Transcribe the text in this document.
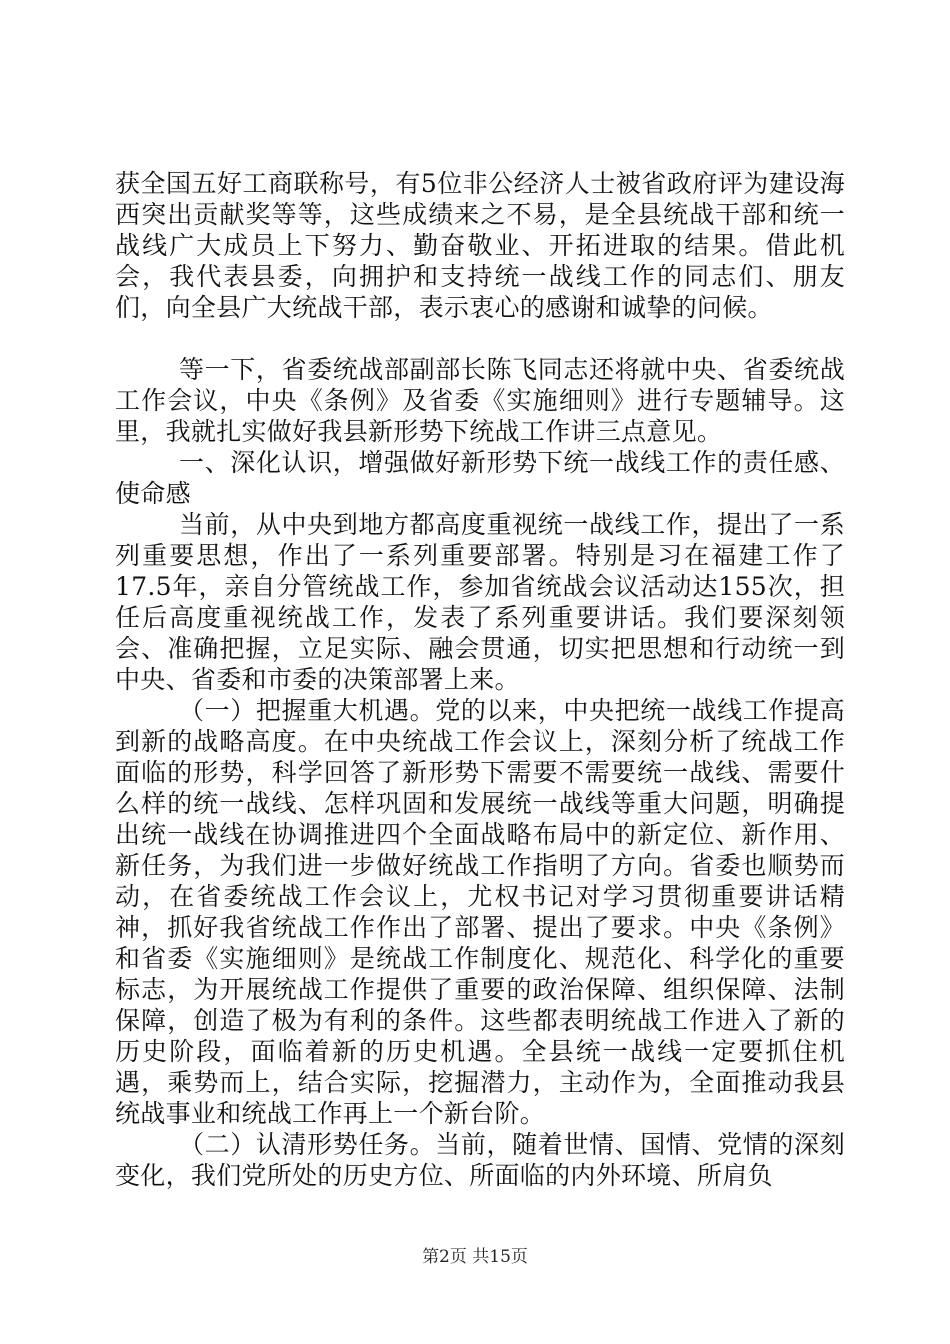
获全国五好工商联称号，有5位非公经济人士被省政府评为建设海西突出贡献奖等等，这些成绩来之不易，是全县统战干部和统一战线广大成员上下努力、勤奋敬业、开拓进取的结果。借此机会，我代表县委，向拥护和支持统一战线工作的同志们、朋友们，向全县广大统战干部，表示衷心的感谢和诚挚的问候。

等一下，省委统战部副部长陈飞同志还将就中央、省委统战工作会议，中央《条例》及省委《实施细则》进行专题辅导。这里，我就扎实做好我县新形势下统战工作讲三点意见。

一、深化认识，增强做好新形势下统一战线工作的责任感、使命感

当前，从中央到地方都高度重视统一战线工作，提出了一系列重要思想，作出了一系列重要部署。特别是习在福建工作了17.5年，亲自分管统战工作，参加省统战会议活动达155次，担任后高度重视统战工作，发表了系列重要讲话。我们要深刻领会、准确把握，立足实际、融会贯通，切实把思想和行动统一到中央、省委和市委的决策部署上来。

（一）把握重大机遇。党的以来，中央把统一战线工作提高到新的战略高度。在中央统战工作会议上，深刻分析了统战工作面临的形势，科学回答了新形势下需要不需要统一战线、需要什么样的统一战线、怎样巩固和发展统一战线等重大问题，明确提出统一战线在协调推进四个全面战略布局中的新定位、新作用、新任务，为我们进一步做好统战工作指明了方向。省委也顺势而动，在省委统战工作会议上，尤权书记对学习贯彻重要讲话精神，抓好我省统战工作作出了部署、提出了要求。中央《条例》和省委《实施细则》是统战工作制度化、规范化、科学化的重要标志，为开展统战工作提供了重要的政治保障、组织保障、法制保障，创造了极为有利的条件。这些都表明统战工作进入了新的历史阶段，面临着新的历史机遇。全县统一战线一定要抓住机遇，乘势而上，结合实际，挖掘潜力，主动作为，全面推动我县统战事业和统战工作再上一个新台阶。

（二）认清形势任务。当前，随着世情、国情、党情的深刻变化，我们党所处的历史方位、所面临的内外环境、所肩负

第2页 共15页
